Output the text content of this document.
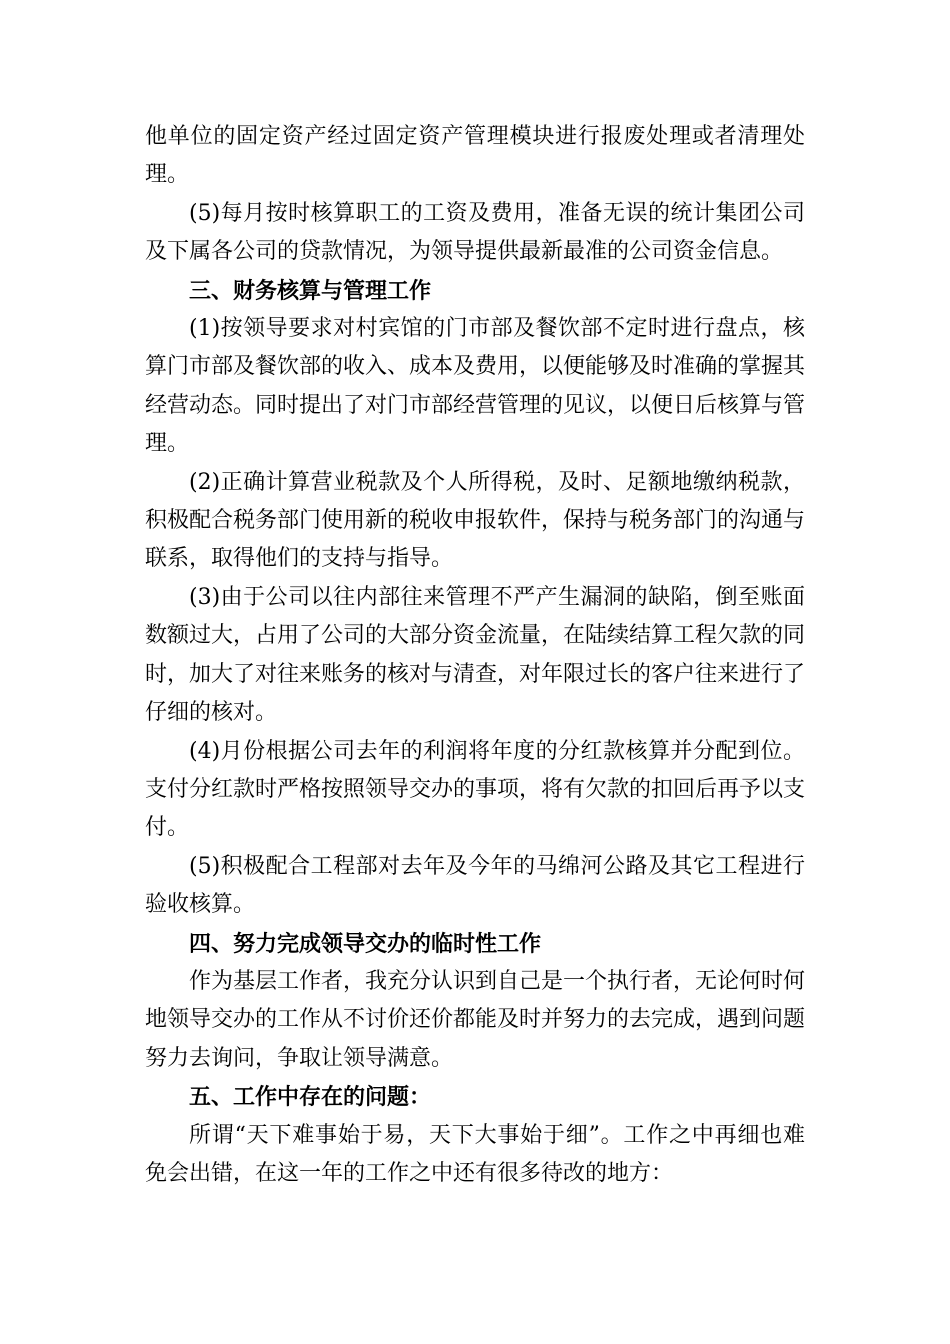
他单位的固定资产经过固定资产管理模块进行报废处理或者清理处理。

(5)每月按时核算职工的工资及费用，准备无误的统计集团公司及下属各公司的贷款情况，为领导提供最新最准的公司资金信息。

三、财务核算与管理工作

(1)按领导要求对村宾馆的门市部及餐饮部不定时进行盘点，核算门市部及餐饮部的收入、成本及费用，以便能够及时准确的掌握其经营动态。同时提出了对门市部经营管理的见议，以便日后核算与管理。

(2)正确计算营业税款及个人所得税，及时、足额地缴纳税款，积极配合税务部门使用新的税收申报软件，保持与税务部门的沟通与联系，取得他们的支持与指导。

(3)由于公司以往内部往来管理不严产生漏洞的缺陷，倒至账面数额过大，占用了公司的大部分资金流量，在陆续结算工程欠款的同时，加大了对往来账务的核对与清查，对年限过长的客户往来进行了仔细的核对。

(4)月份根据公司去年的利润将年度的分红款核算并分配到位。支付分红款时严格按照领导交办的事项，将有欠款的扣回后再予以支付。

(5)积极配合工程部对去年及今年的马绵河公路及其它工程进行验收核算。

四、努力完成领导交办的临时性工作

作为基层工作者，我充分认识到自己是一个执行者，无论何时何地领导交办的工作从不讨价还价都能及时并努力的去完成，遇到问题努力去询问，争取让领导满意。

五、工作中存在的问题：

所谓“天下难事始于易，天下大事始于细”。工作之中再细也难免会出错，在这一年的工作之中还有很多待改的地方：
